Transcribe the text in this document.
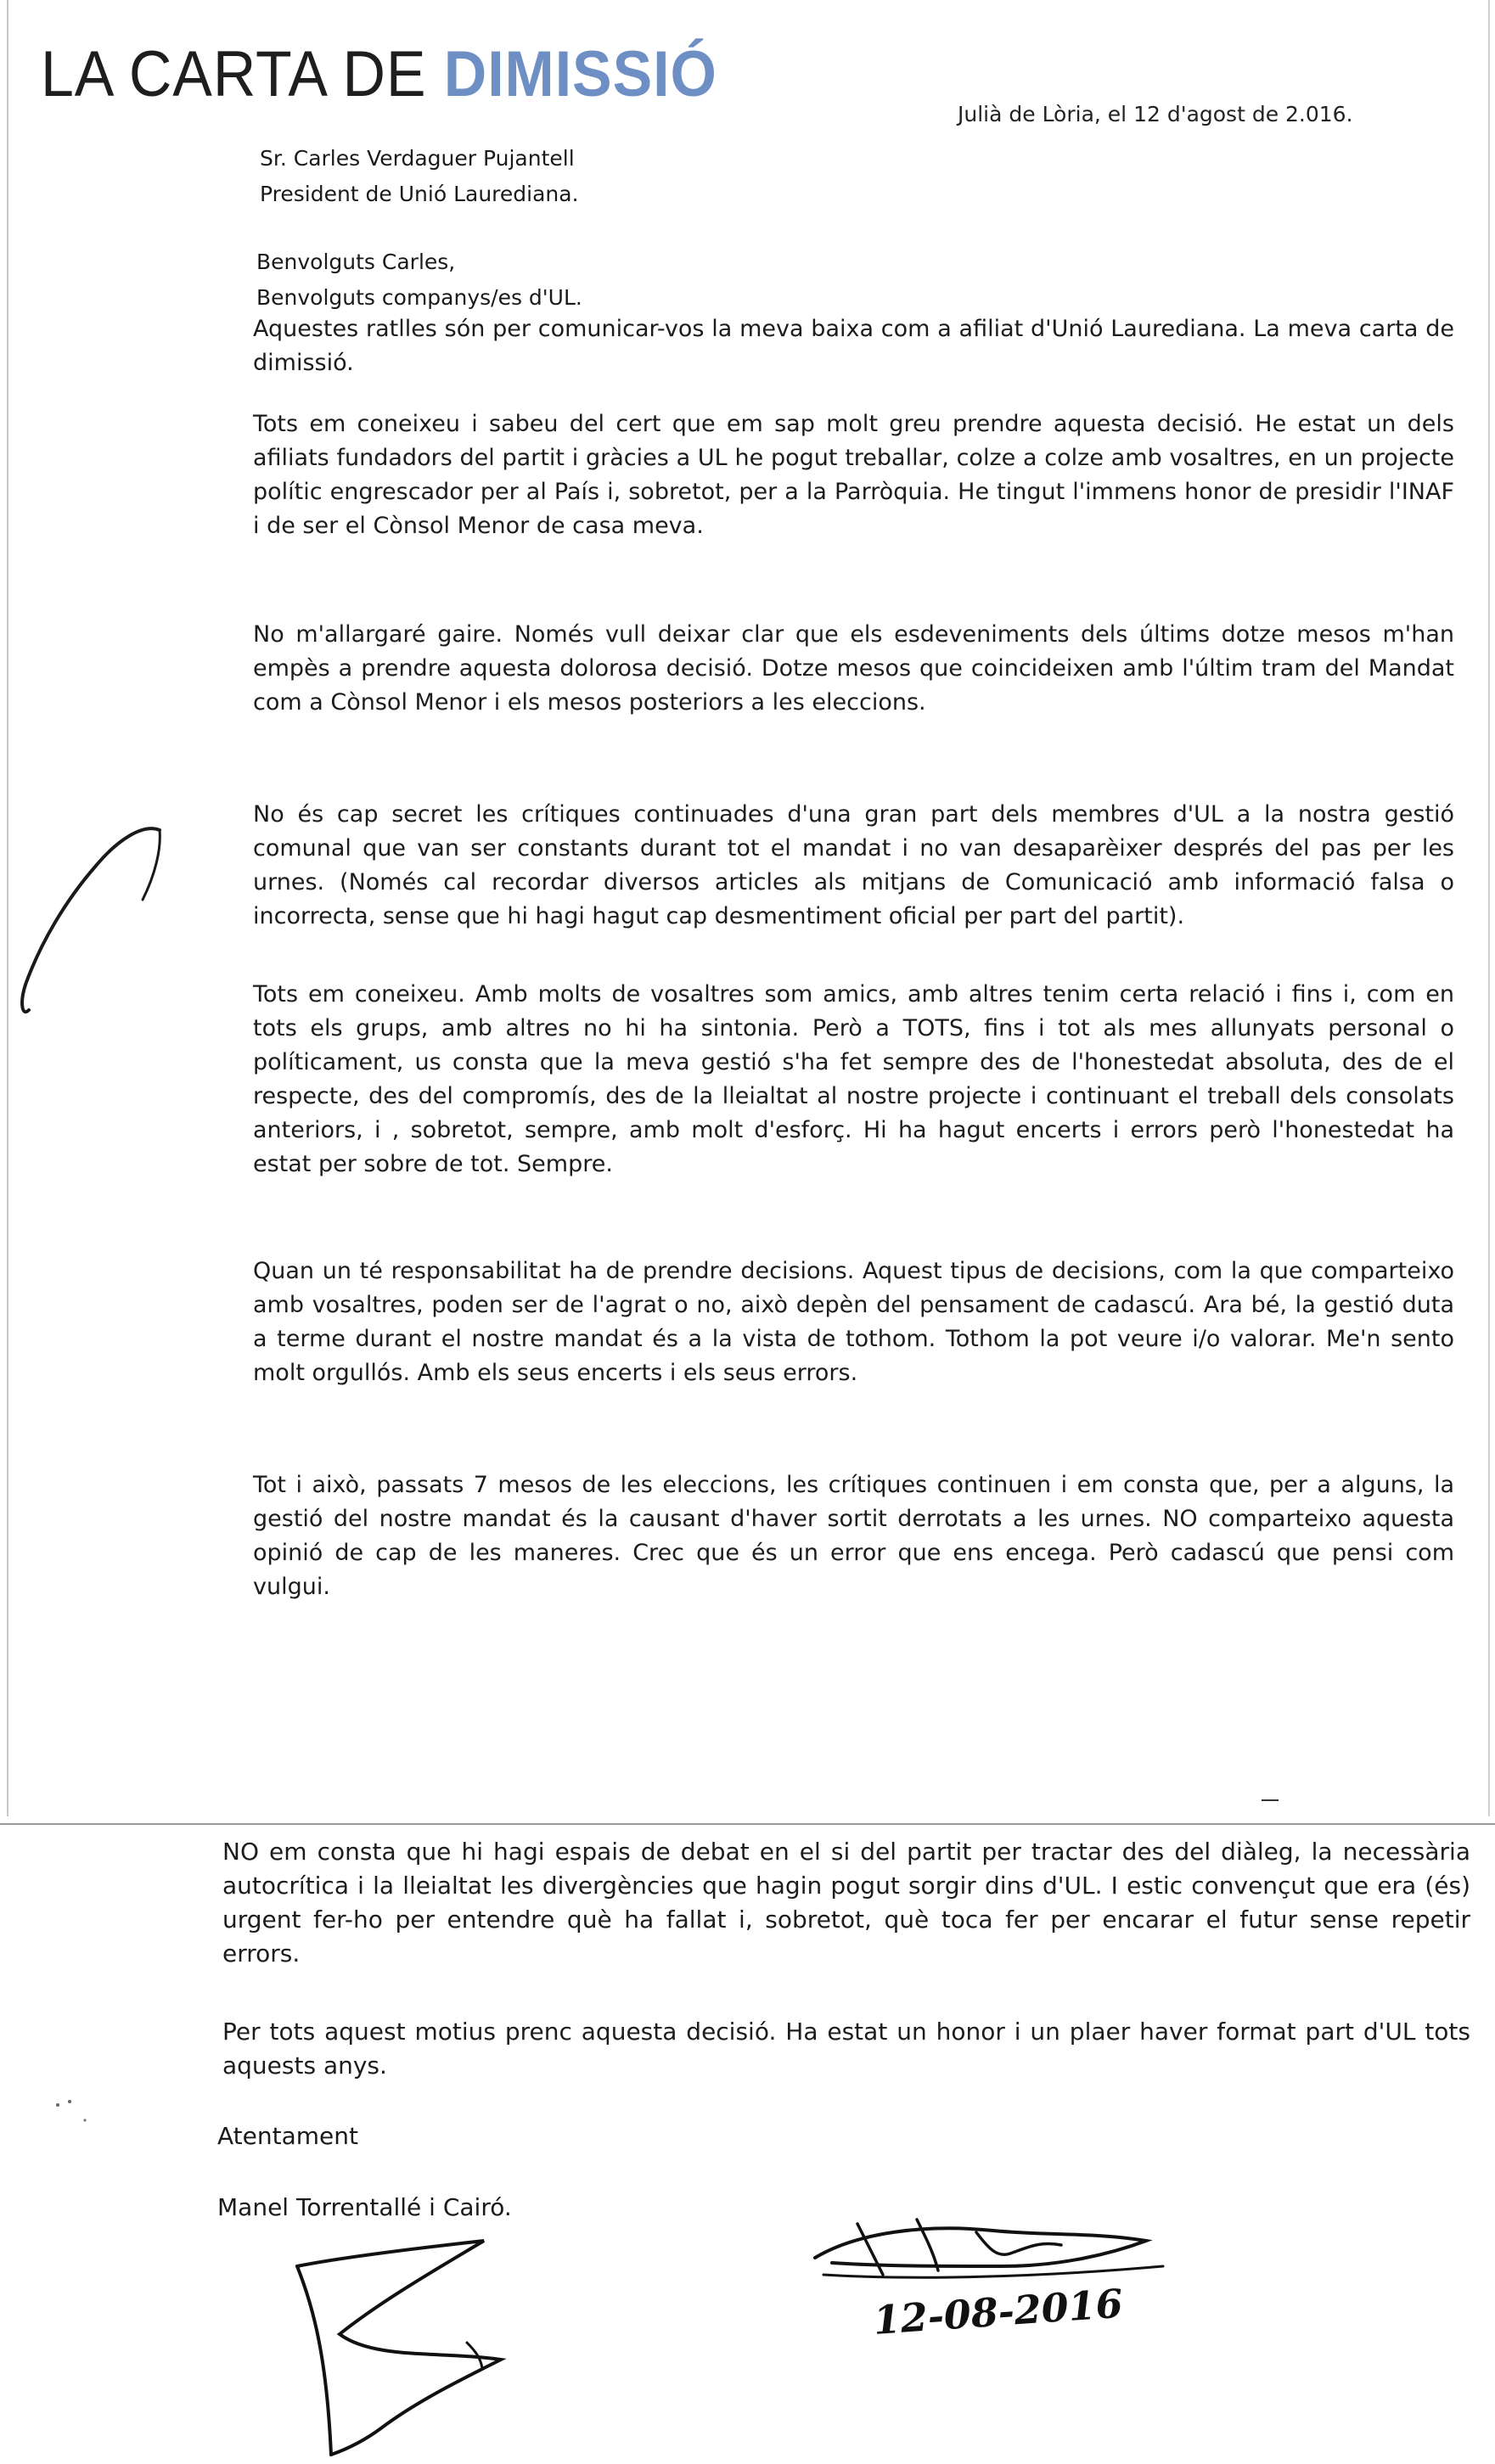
LA CARTA DE DIMISSIÓ
Julià de Lòria, el 12 d'agost de 2.016.
Sr. Carles Verdaguer Pujantell
President de Unió Laurediana.
Benvolguts Carles,
Benvolguts companys/es d'UL.

Aquestes ratlles són per comunicar-vos la meva baixa com a afiliat d'Unió Laurediana. La meva carta de dimissió.

Tots em coneixeu i sabeu del cert que em sap molt greu prendre aquesta decisió. He estat un dels afiliats fundadors del partit i gràcies a UL he pogut treballar, colze a colze amb vosaltres, en un projecte polític engrescador per al País i, sobretot, per a la Parròquia. He tingut l'immens honor de presidir l'INAF i de ser el Cònsol Menor de casa meva.

No m'allargaré gaire. Només vull deixar clar que els esdeveniments dels últims dotze mesos m'han empès a prendre aquesta dolorosa decisió. Dotze mesos que coincideixen amb l'últim tram del Mandat com a Cònsol Menor i els mesos posteriors a les eleccions.

No és cap secret les crítiques continuades d'una gran part dels membres d'UL a la nostra gestió comunal que van ser constants durant tot el mandat i no van desaparèixer després del pas per les urnes. (Només cal recordar diversos articles als mitjans de Comunicació amb informació falsa o incorrecta, sense que hi hagi hagut cap desmentiment oficial per part del partit).

Tots em coneixeu. Amb molts de vosaltres som amics, amb altres tenim certa relació i fins i, com en tots els grups, amb altres no hi ha sintonia. Però a TOTS, fins i tot als mes allunyats personal o políticament, us consta que la meva gestió s'ha fet sempre des de l'honestedat absoluta, des de el respecte, des del compromís, des de la lleialtat al nostre projecte i continuant el treball dels consolats anteriors, i , sobretot, sempre, amb molt d'esforç. Hi ha hagut encerts i errors però l'honestedat ha estat per sobre de tot. Sempre.

Quan un té responsabilitat ha de prendre decisions. Aquest tipus de decisions, com la que comparteixo amb vosaltres, poden ser de l'agrat o no, això depèn del pensament de cadascú. Ara bé, la gestió duta a terme durant el nostre mandat és a la vista de tothom. Tothom la pot veure i/o valorar. Me'n sento molt orgullós. Amb els seus encerts i els seus errors.

Tot i això, passats 7 mesos de les eleccions, les crítiques continuen i em consta que, per a alguns, la gestió del nostre mandat és la causant d'haver sortit derrotats a les urnes. NO comparteixo aquesta opinió de cap de les maneres. Crec que és un error que ens encega. Però cadascú que pensi com vulgui.

NO em consta que hi hagi espais de debat en el si del partit per tractar des del diàleg, la necessària autocrítica i la lleialtat les divergències que hagin pogut sorgir dins d'UL. I estic convençut que era (és) urgent fer-ho per entendre què ha fallat i, sobretot, què toca fer per encarar el futur sense repetir errors.

Per tots aquest motius prenc aquesta decisió. Ha estat un honor i un plaer haver format part d'UL tots aquests anys.

Atentament
Manel Torrentallé i Cairó.
12-08-2016
